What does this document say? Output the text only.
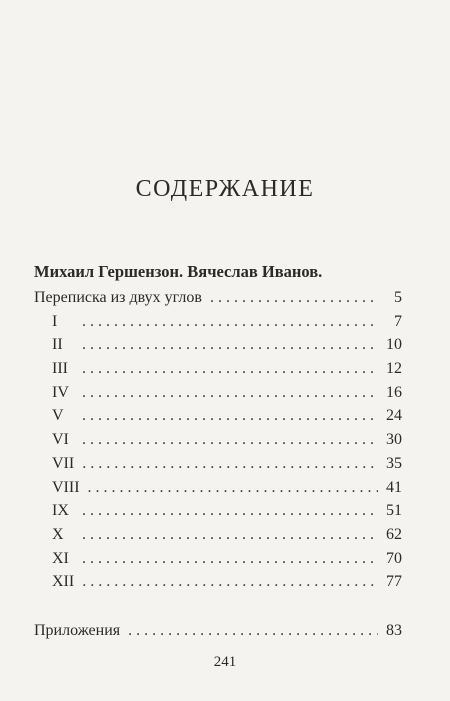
СОДЕРЖАНИЕ

Михаил Гершензон. Вячеслав Иванов.

Переписка из двух углов . . .	5
I . . .	7
II . . .	10
III . . .	12
IV . . .	16
V . . .	24
VI . . .	30
VII . . .	35
VIII . . .	41
IX . . .	51
X . . .	62
XI . . .	70
XII . . .	77
Приложения . . .	83

241
